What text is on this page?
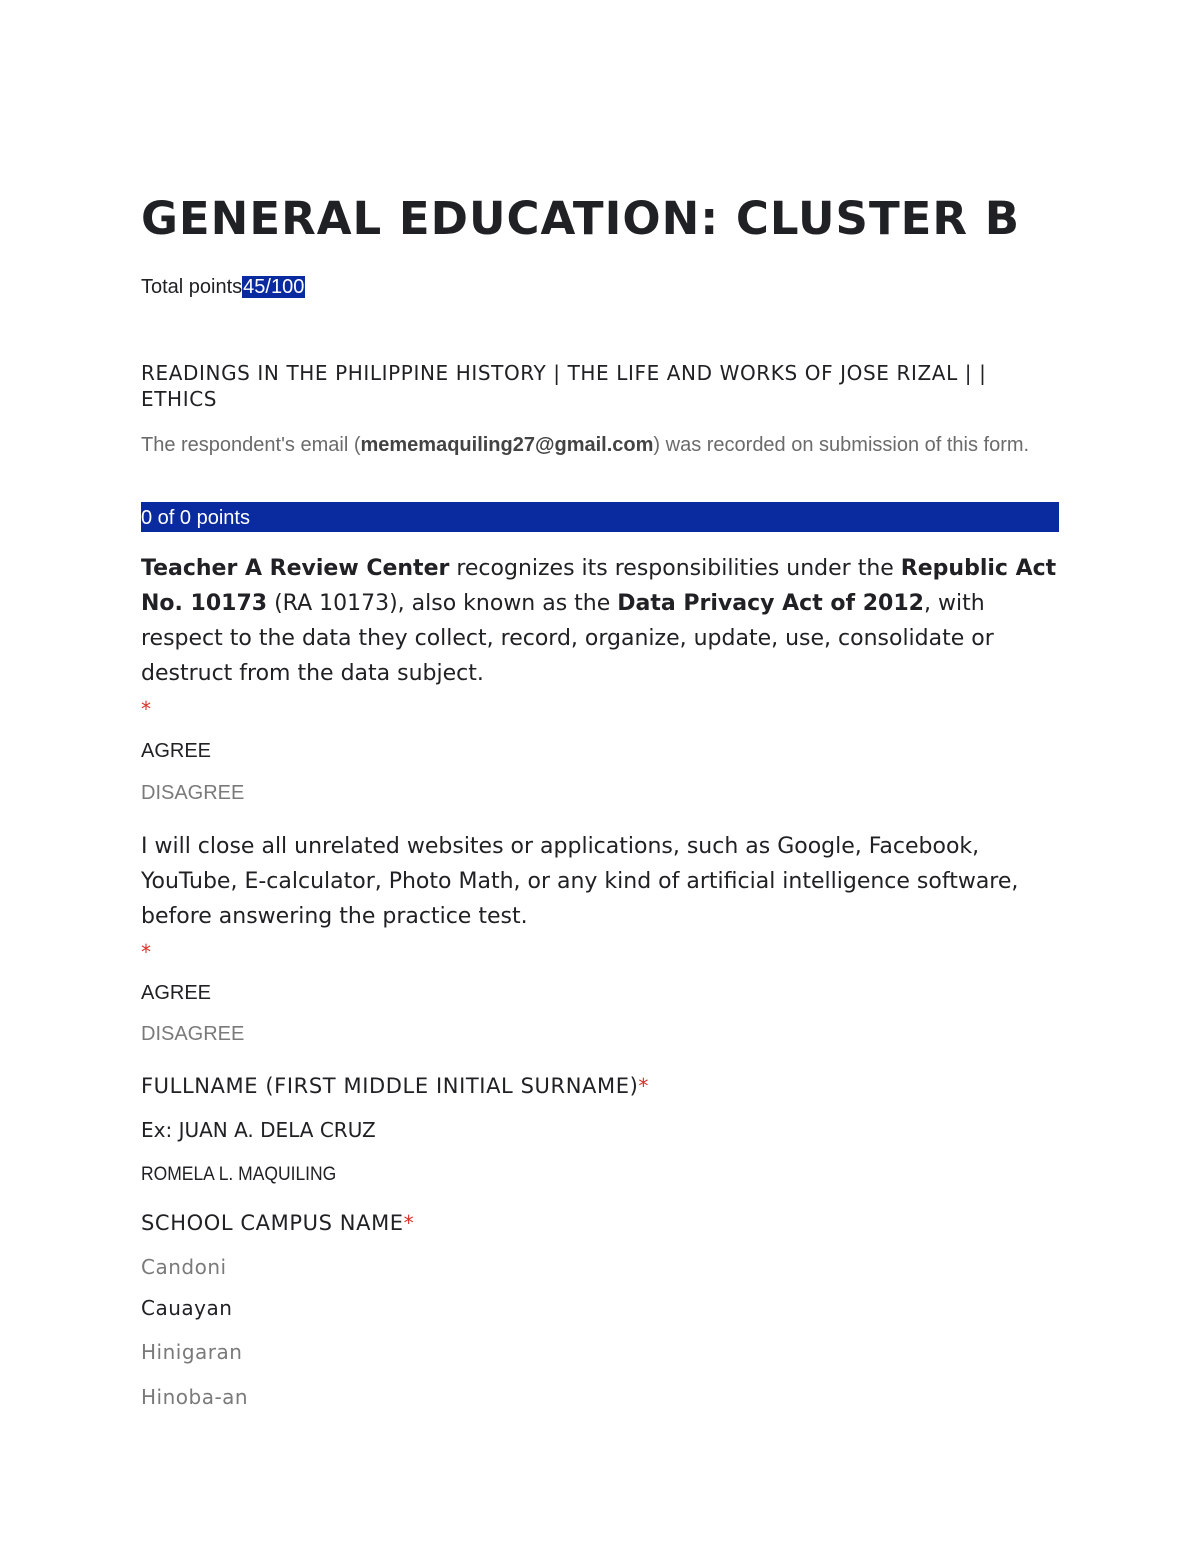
GENERAL EDUCATION: CLUSTER B
Total points45/100
READINGS IN THE PHILIPPINE HISTORY | THE LIFE AND WORKS OF JOSE RIZAL | | ETHICS
The respondent's email (mememaquiling27@gmail.com) was recorded on submission of this form.
0 of 0 points
Teacher A Review Center recognizes its responsibilities under the Republic Act No. 10173 (RA 10173), also known as the Data Privacy Act of 2012, with respect to the data they collect, record, organize, update, use, consolidate or destruct from the data subject.
*
AGREE
DISAGREE
I will close all unrelated websites or applications, such as Google, Facebook, YouTube, E-calculator, Photo Math, or any kind of artificial intelligence software, before answering the practice test.
*
AGREE
DISAGREE
FULLNAME (FIRST MIDDLE INITIAL SURNAME)*
Ex: JUAN A. DELA CRUZ
ROMELA L. MAQUILING
SCHOOL CAMPUS NAME*
Candoni
Cauayan
Hinigaran
Hinoba-an
